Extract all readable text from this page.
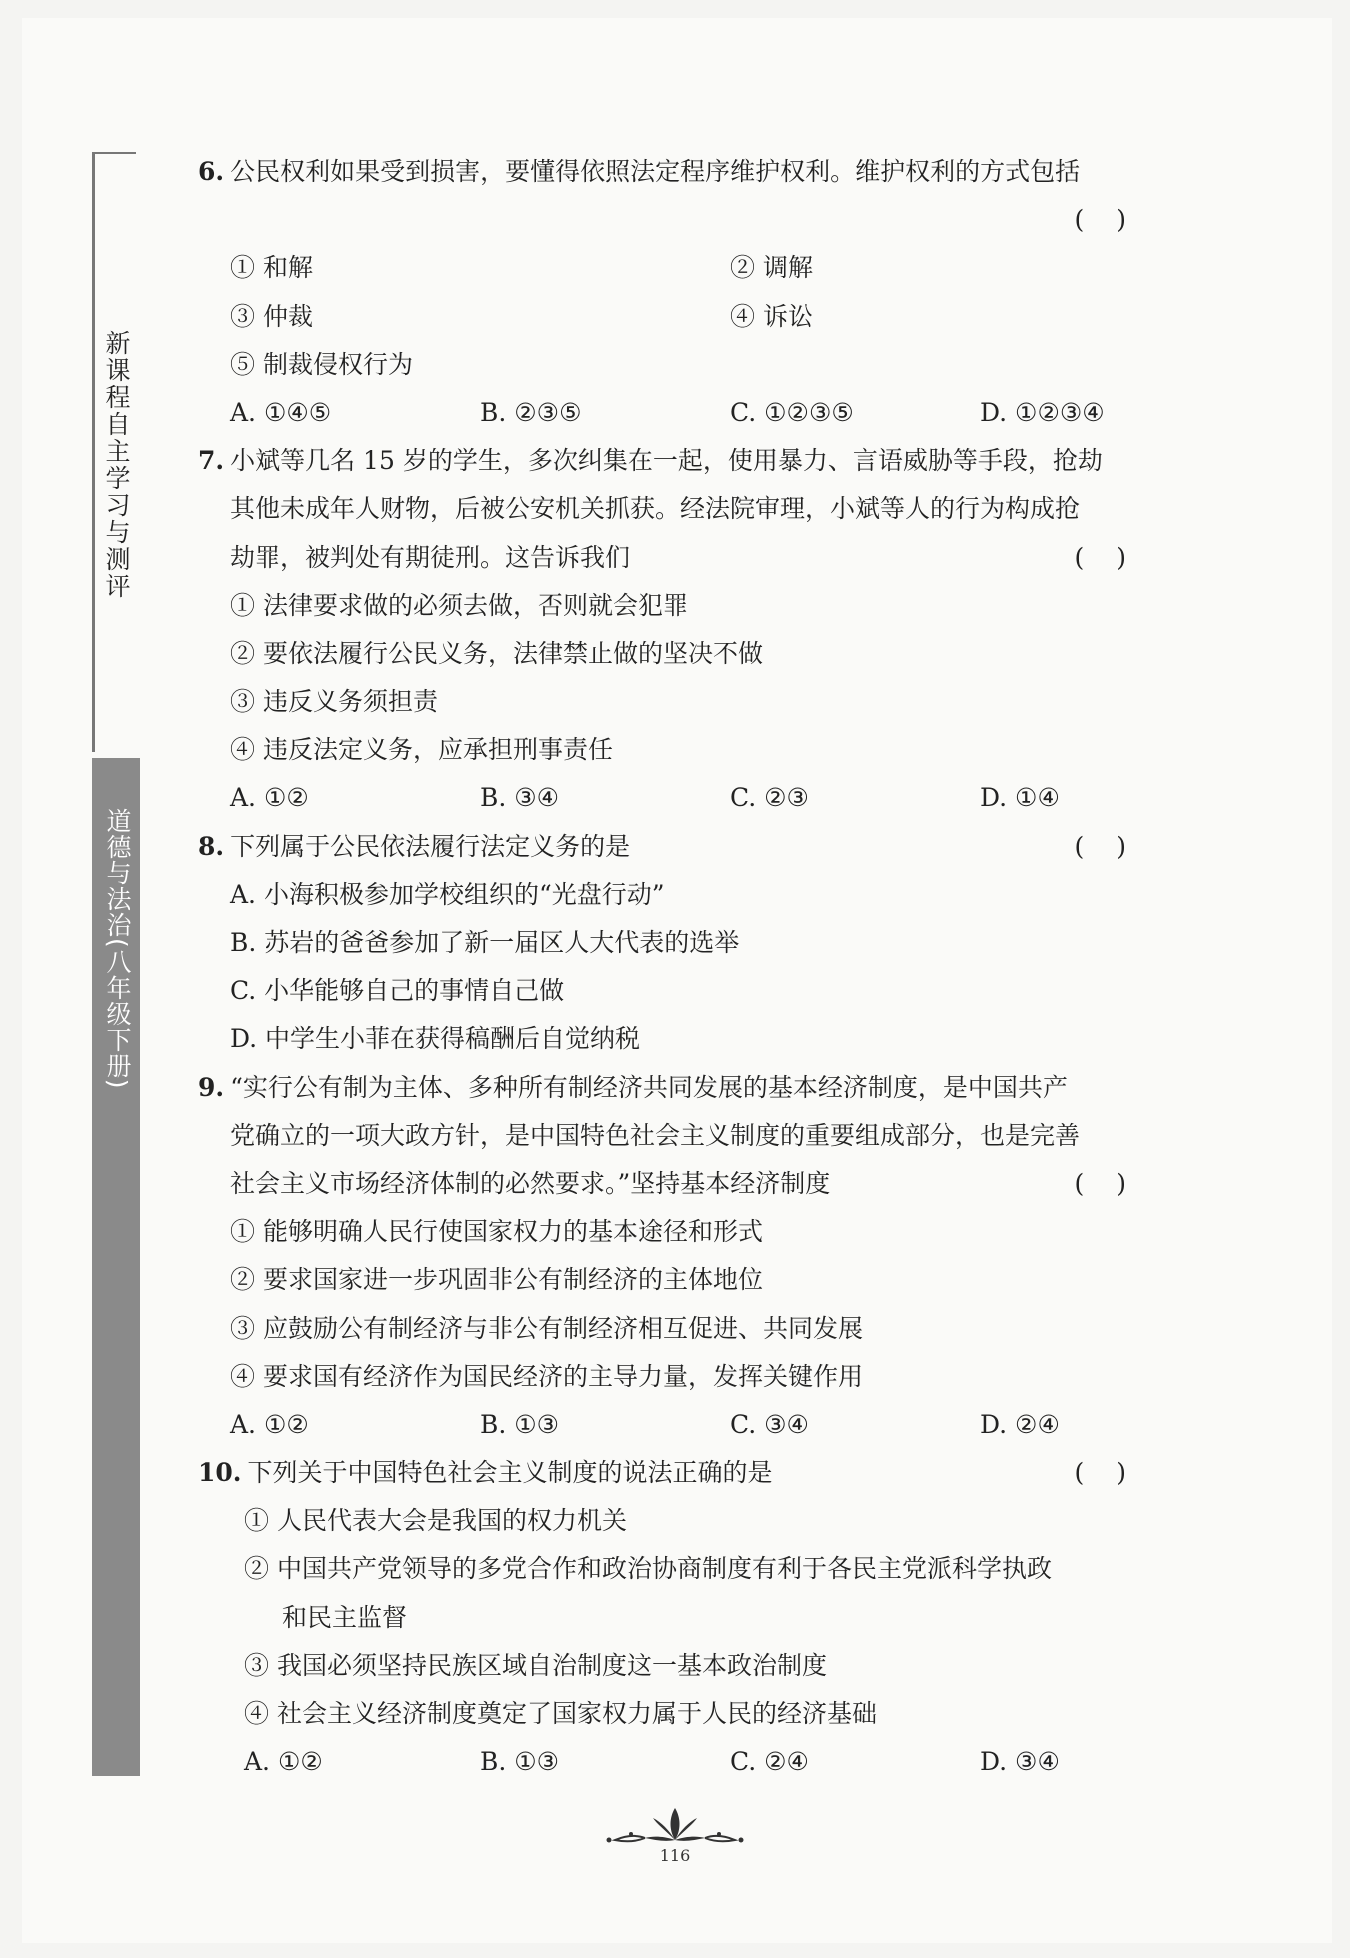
新课程自主学习与测评
道德与法治(八年级下册)
6. 公民权利如果受到损害，要懂得依照法定程序维护权利。维护权利的方式包括
()
① 和解	② 调解
③ 仲裁	④ 诉讼
⑤ 制裁侵权行为
A. ①④⑤	B. ②③⑤	C. ①②③⑤	D. ①②③④
7. 小斌等几名 15 岁的学生，多次纠集在一起，使用暴力、言语威胁等手段，抢劫
其他未成年人财物，后被公安机关抓获。经法院审理，小斌等人的行为构成抢
劫罪，被判处有期徒刑。这告诉我们	()
① 法律要求做的必须去做，否则就会犯罪
② 要依法履行公民义务，法律禁止做的坚决不做
③ 违反义务须担责
④ 违反法定义务，应承担刑事责任
A. ①②	B. ③④	C. ②③	D. ①④
8. 下列属于公民依法履行法定义务的是	()
A. 小海积极参加学校组织的“光盘行动”
B. 苏岩的爸爸参加了新一届区人大代表的选举
C. 小华能够自己的事情自己做
D. 中学生小菲在获得稿酬后自觉纳税
9. “实行公有制为主体、多种所有制经济共同发展的基本经济制度，是中国共产
党确立的一项大政方针，是中国特色社会主义制度的重要组成部分，也是完善
社会主义市场经济体制的必然要求。”坚持基本经济制度	()
① 能够明确人民行使国家权力的基本途径和形式
② 要求国家进一步巩固非公有制经济的主体地位
③ 应鼓励公有制经济与非公有制经济相互促进、共同发展
④ 要求国有经济作为国民经济的主导力量，发挥关键作用
A. ①②	B. ①③	C. ③④	D. ②④
10. 下列关于中国特色社会主义制度的说法正确的是	()
① 人民代表大会是我国的权力机关
② 中国共产党领导的多党合作和政治协商制度有利于各民主党派科学执政
和民主监督
③ 我国必须坚持民族区域自治制度这一基本政治制度
④ 社会主义经济制度奠定了国家权力属于人民的经济基础
A. ①②	B. ①③	C. ②④	D. ③④
116
